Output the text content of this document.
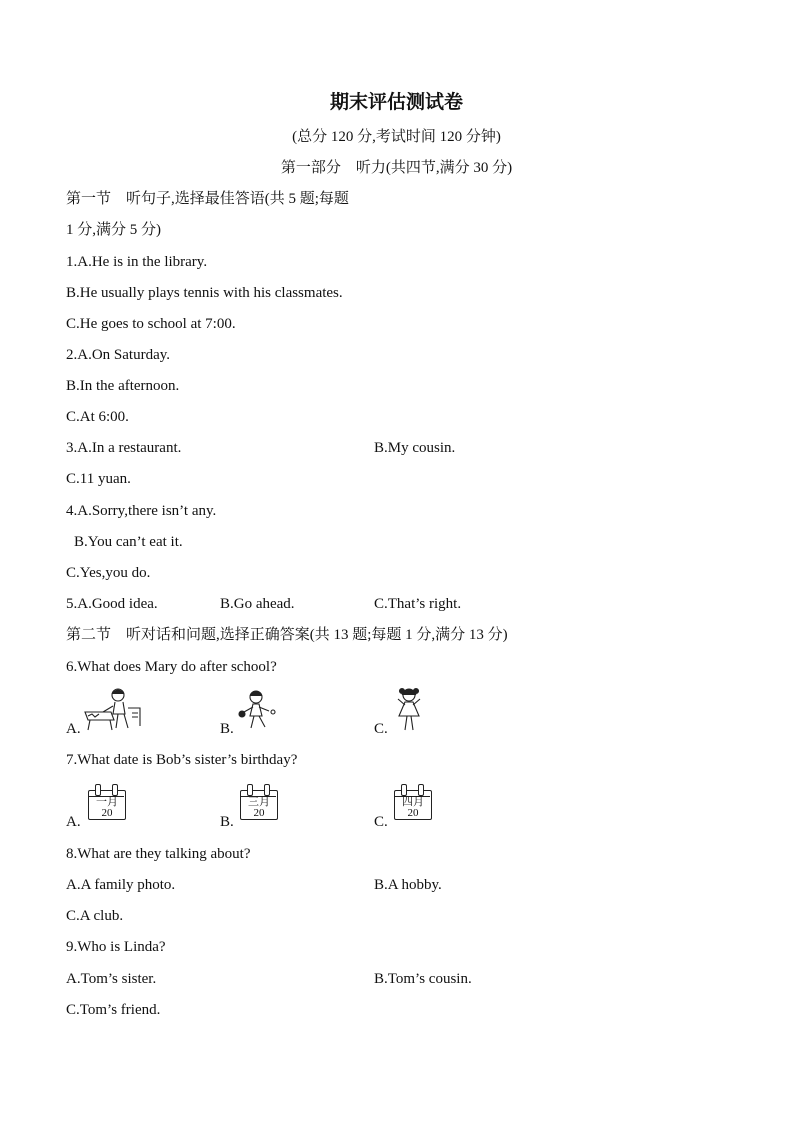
期末评估测试卷
(总分 120 分,考试时间 120 分钟)
第一部分　听力(共四节,满分 30 分)
第一节　听句子,选择最佳答语(共 5 题;每题
1 分,满分 5 分)
1.A.He is in the library.
B.He usually plays tennis with his classmates.
C.He goes to school at 7:00.
2.A.On Saturday.
B.In the afternoon.
C.At 6:00.
3.A.In a restaurant.	B.My cousin.
C.11 yuan.
4.A.Sorry,there isn’t any.
B.You can’t eat it.
C.Yes,you do.
5.A.Good idea.	B.Go ahead.	C.That’s right.
第二节　听对话和问题,选择正确答案(共 13 题;每题 1 分,满分 13 分)
6.What does Mary do after school?
A.	B.	C.
7.What date is Bob’s sister’s birthday?
A.
一月
20
B.
三月
20
C.
四月
20
8.What are they talking about?
A.A family photo.	B.A hobby.
C.A club.
9.Who is Linda?
A.Tom’s sister.	B.Tom’s cousin.
C.Tom’s friend.
